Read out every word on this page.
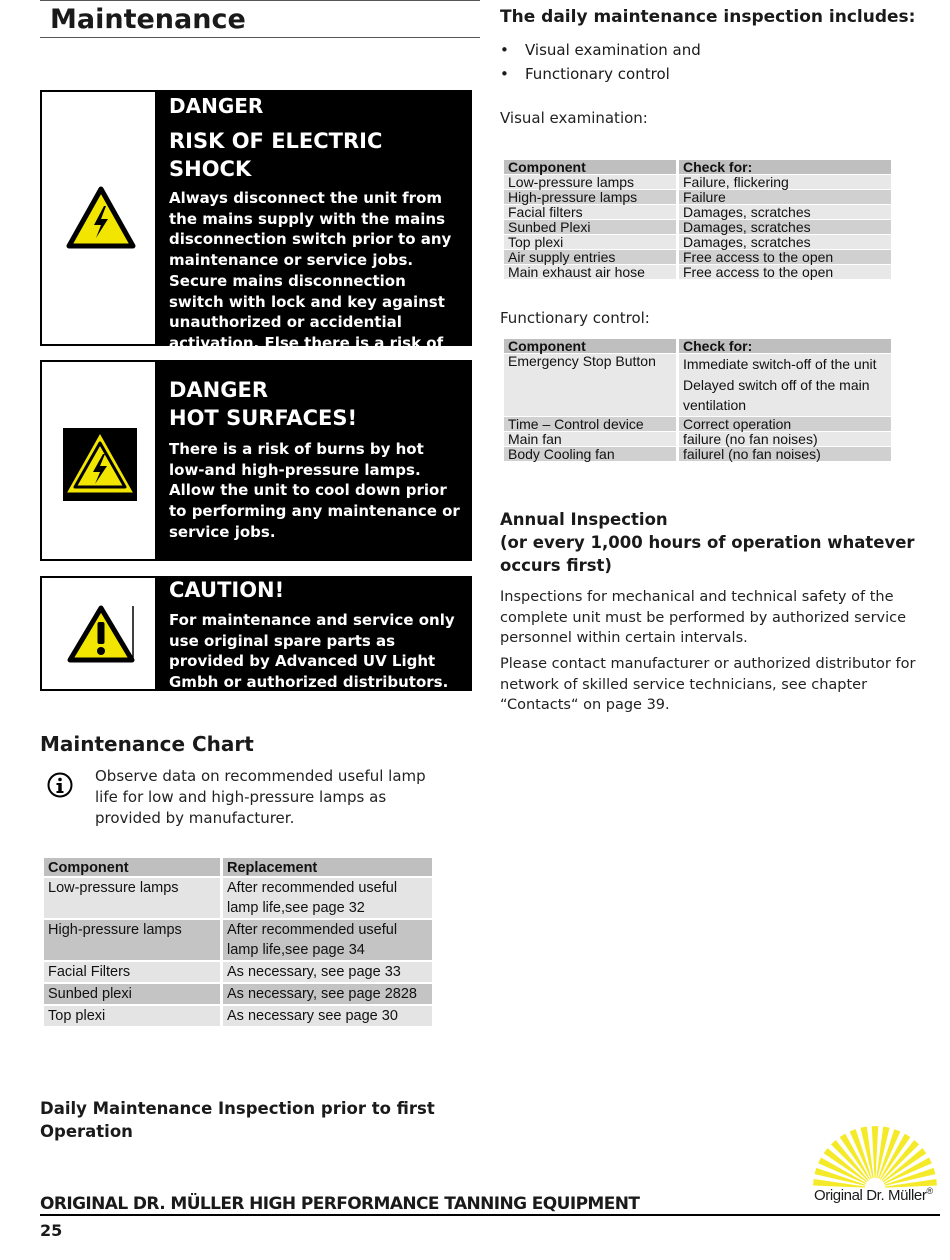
Maintenance
DANGER
RISK OF ELECTRIC SHOCK
Always disconnect the unit from the mains supply with the mains disconnection switch prior to any maintenance or service jobs. Secure mains disconnection switch with lock and key against unauthorized or accidential activation. Else there is a risk of
DANGER
HOT SURFACES!
There is a risk of burns by hot low-and high-pressure lamps. Allow the unit to cool down prior to performing any maintenance or service jobs.
CAUTION!
For maintenance and service only use original spare parts as provided by Advanced UV Light Gmbh or authorized distributors.
Maintenance Chart
Observe data on recommended useful lamp life for low and high-pressure lamps as provided by manufacturer.
Component	Replacement
Low-pressure lamps	After recommended useful lamp life,see page 32
High-pressure lamps	After recommended useful lamp life,see page 34
Facial Filters	As necessary, see page 33
Sunbed plexi	As necessary, see page 2828
Top plexi	As necessary see page 30
Daily Maintenance Inspection prior to first Operation
The daily maintenance inspection includes:
• Visual examination and
• Functionary control
Visual examination:
Component	Check for:
Low-pressure lamps	Failure, flickering
High-pressure lamps	Failure
Facial filters	Damages, scratches
Sunbed Plexi	Damages, scratches
Top plexi	Damages, scratches
Air supply entries	Free access to the open
Main exhaust air hose	Free access to the open
Functionary control:
Component	Check for:
Emergency Stop Button	Immediate switch-off of the unit Delayed switch off of the main ventilation
Time – Control device	Correct operation
Main fan	failure (no fan noises)
Body Cooling fan	failurel (no fan noises)
Annual Inspection
(or every 1,000 hours of operation whatever occurs first)
Inspections for mechanical and technical safety of the complete unit must be performed by authorized service personnel within certain intervals.
Please contact manufacturer or authorized distributor for network of skilled service technicians, see chapter “Contacts“ on page 39.
ORIGINAL DR. MÜLLER HIGH PERFORMANCE TANNING EQUIPMENT
25
Original Dr. Müller®
